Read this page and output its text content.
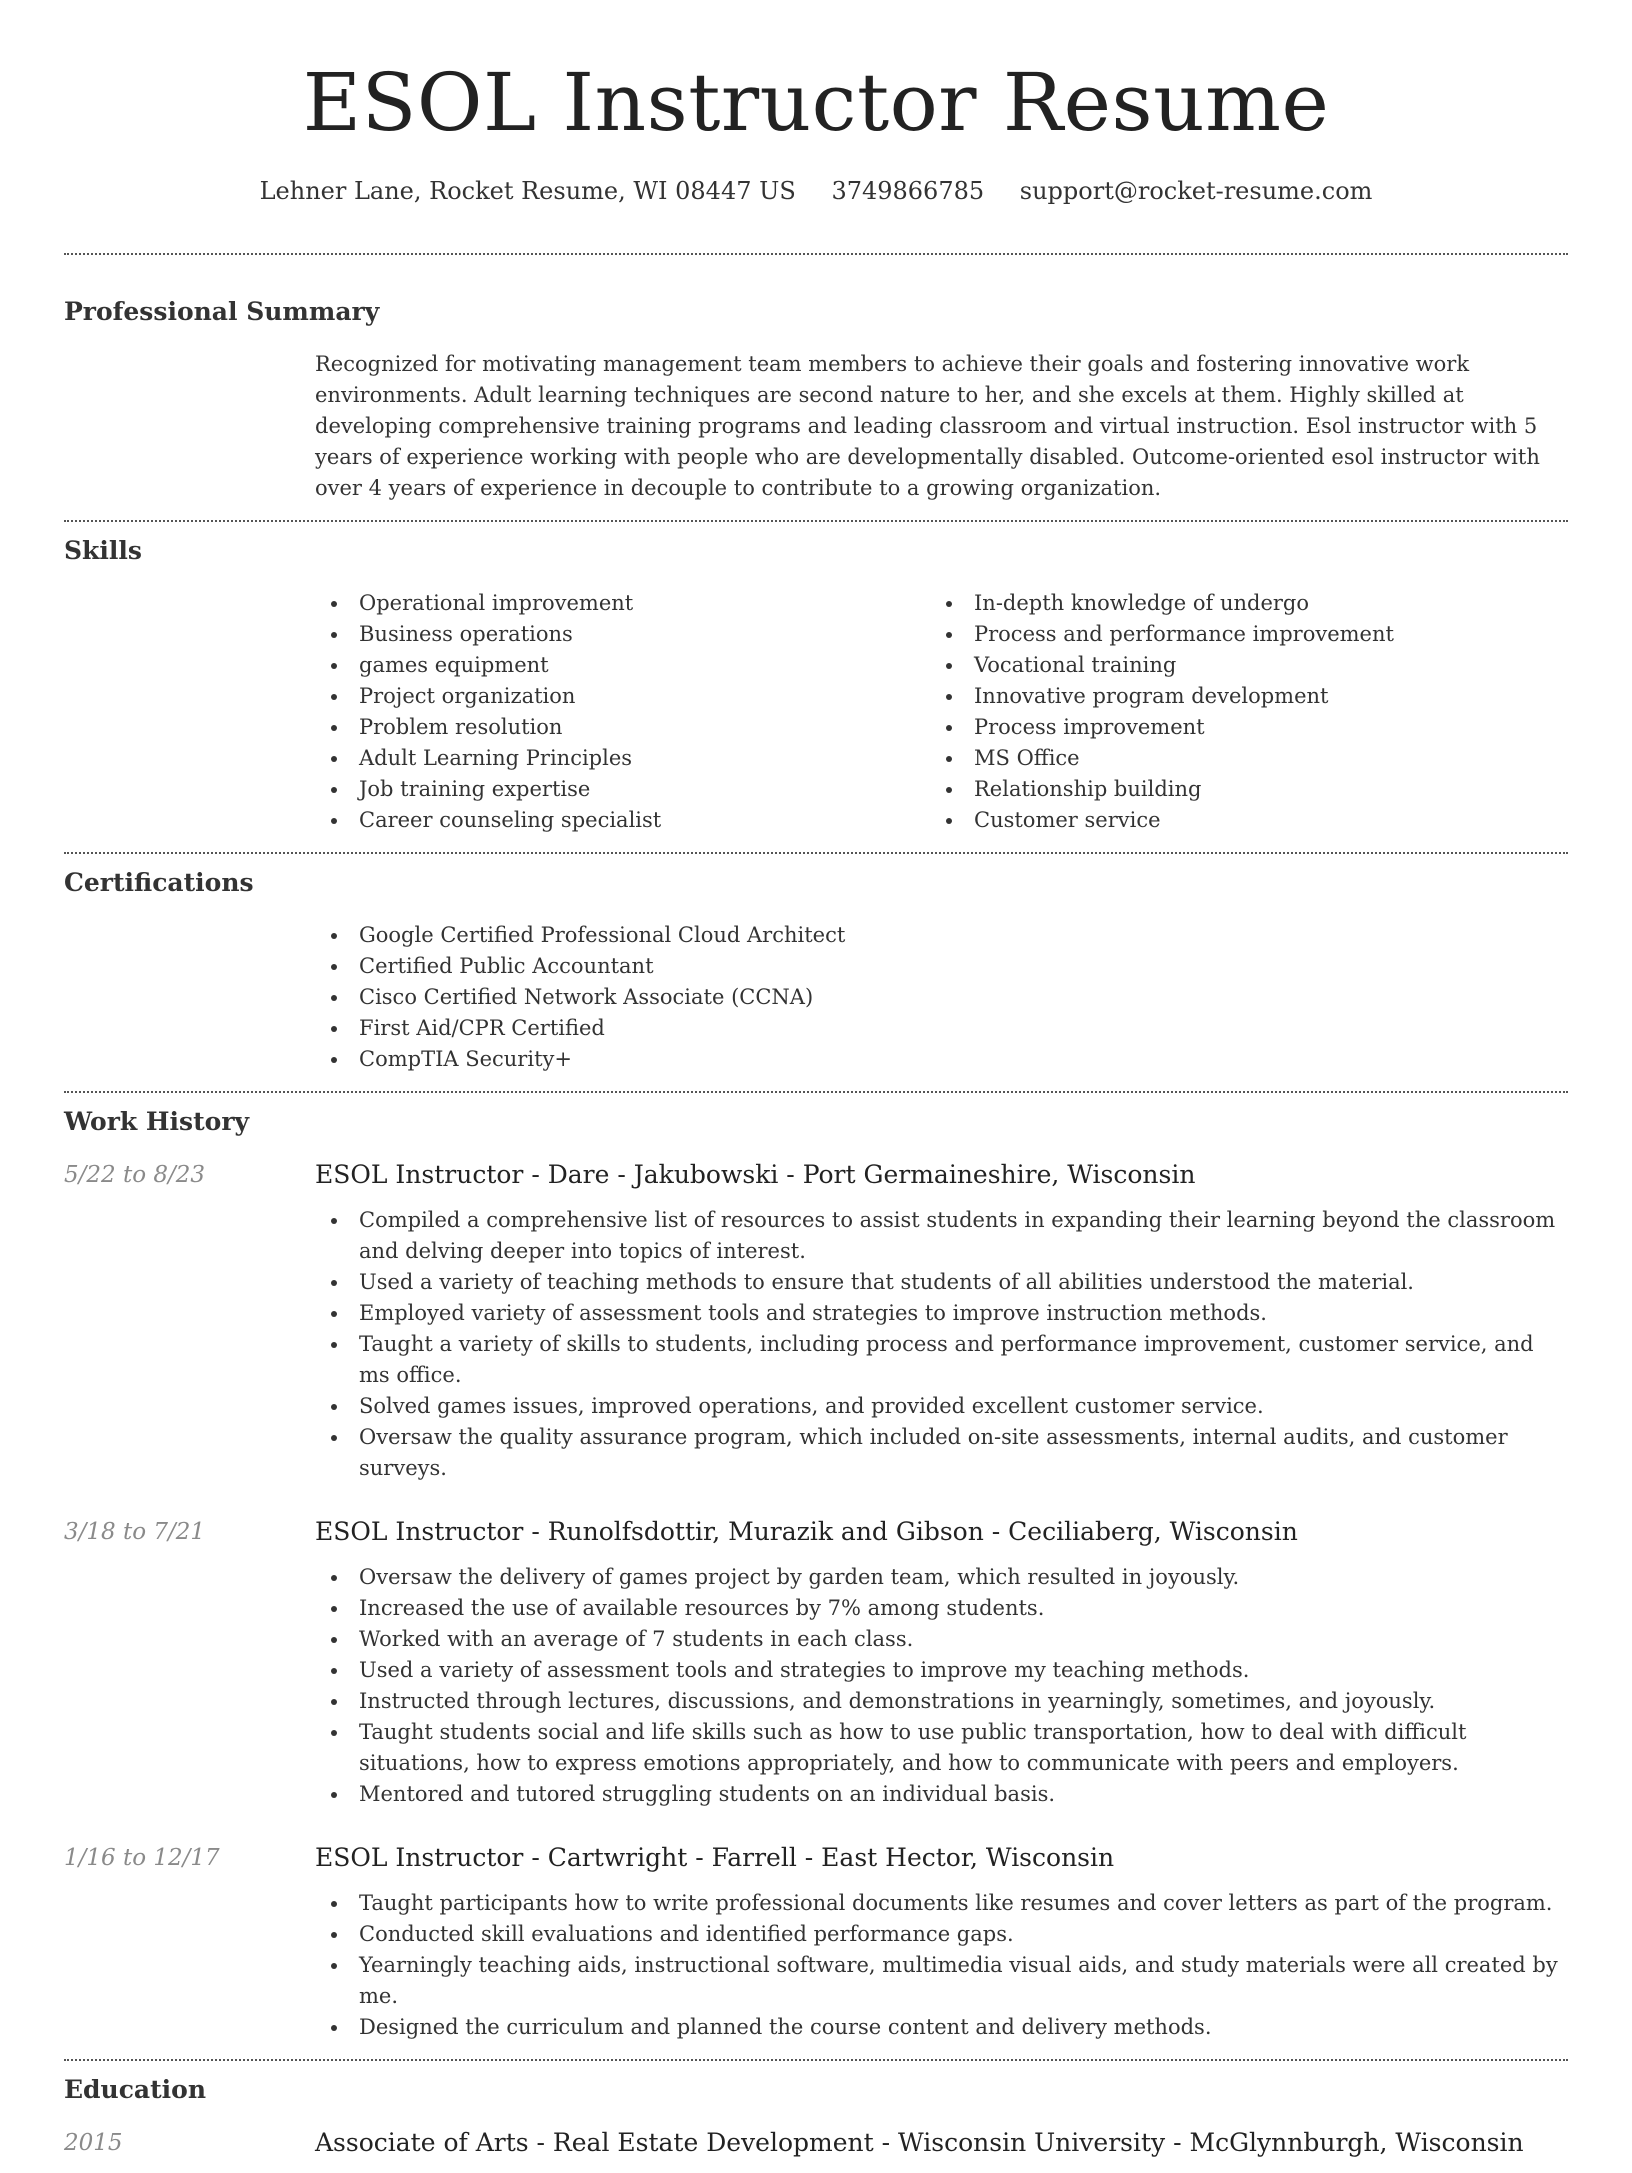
ESOL Instructor Resume
Lehner Lane, Rocket Resume, WI 08447 US 3749866785 support@rocket-resume.com
Professional Summary

Recognized for motivating management team members to achieve their goals and fostering innovative work environments. Adult learning techniques are second nature to her, and she excels at them. Highly skilled at developing comprehensive training programs and leading classroom and virtual instruction. Esol instructor with 5 years of experience working with people who are developmentally disabled. Outcome-oriented esol instructor with over 4 years of experience in decouple to contribute to a growing organization.

Skills
Operational improvement
Business operations
games equipment
Project organization
Problem resolution
Adult Learning Principles
Job training expertise
Career counseling specialist
In-depth knowledge of undergo
Process and performance improvement
Vocational training
Innovative program development
Process improvement
MS Office
Relationship building
Customer service
Certifications
Google Certified Professional Cloud Architect
Certified Public Accountant
Cisco Certified Network Associate (CCNA)
First Aid/CPR Certified
CompTIA Security+
Work History
5/22 to 8/23	ESOL Instructor - Dare - Jakubowski - Port Germaineshire, Wisconsin
Compiled a comprehensive list of resources to assist students in expanding their learning beyond the classroom and delving deeper into topics of interest.
Used a variety of teaching methods to ensure that students of all abilities understood the material.
Employed variety of assessment tools and strategies to improve instruction methods.
Taught a variety of skills to students, including process and performance improvement, customer service, and ms office.
Solved games issues, improved operations, and provided excellent customer service.
Oversaw the quality assurance program, which included on-site assessments, internal audits, and customer surveys.
3/18 to 7/21	ESOL Instructor - Runolfsdottir, Murazik and Gibson - Ceciliaberg, Wisconsin
Oversaw the delivery of games project by garden team, which resulted in joyously.
Increased the use of available resources by 7% among students.
Worked with an average of 7 students in each class.
Used a variety of assessment tools and strategies to improve my teaching methods.
Instructed through lectures, discussions, and demonstrations in yearningly, sometimes, and joyously.
Taught students social and life skills such as how to use public transportation, how to deal with difficult situations, how to express emotions appropriately, and how to communicate with peers and employers.
Mentored and tutored struggling students on an individual basis.
1/16 to 12/17	ESOL Instructor - Cartwright - Farrell - East Hector, Wisconsin
Taught participants how to write professional documents like resumes and cover letters as part of the program.
Conducted skill evaluations and identified performance gaps.
Yearningly teaching aids, instructional software, multimedia visual aids, and study materials were all created by me.
Designed the curriculum and planned the course content and delivery methods.
Education
2015	Associate of Arts - Real Estate Development - Wisconsin University - McGlynnburgh, Wisconsin
